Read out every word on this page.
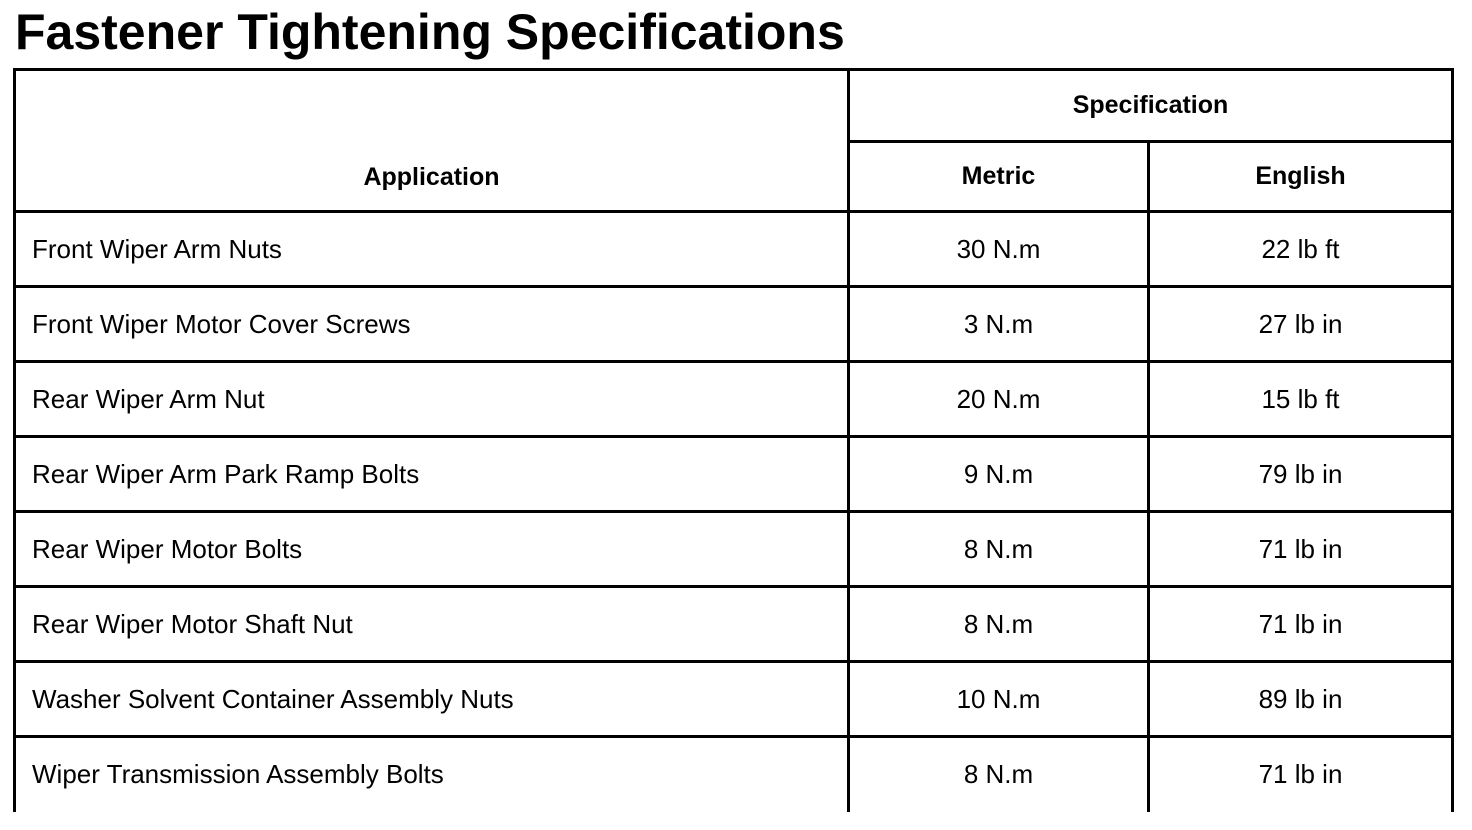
Fastener Tightening Specifications
Application	Specification	
	Metric	English
Front Wiper Arm Nuts	30 N.m	22 lb ft
Front Wiper Motor Cover Screws	3 N.m	27 lb in
Rear Wiper Arm Nut	20 N.m	15 lb ft
Rear Wiper Arm Park Ramp Bolts	9 N.m	79 lb in
Rear Wiper Motor Bolts	8 N.m	71 lb in
Rear Wiper Motor Shaft Nut	8 N.m	71 lb in
Washer Solvent Container Assembly Nuts	10 N.m	89 lb in
Wiper Transmission Assembly Bolts	8 N.m	71 lb in
